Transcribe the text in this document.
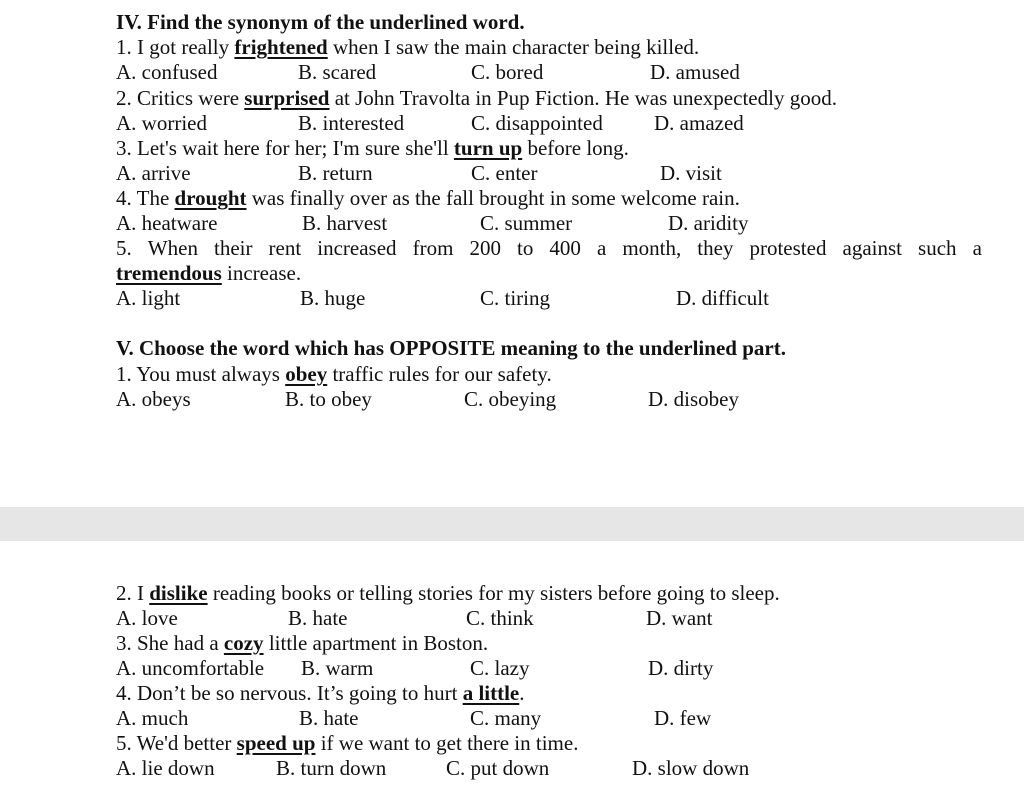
IV. Find the synonym of the underlined word.
1. I got really frightened when I saw the main character being killed.
A. confused	B. scared	C. bored	D. amused
2. Critics were surprised at John Travolta in Pup Fiction. He was unexpectedly good.
A. worried	B. interested	C. disappointed D. amazed
3. Let's wait here for her; I'm sure she'll turn up before long.
A. arrive	B. return	C. enter	D. visit
4. The drought was finally over as the fall brought in some welcome rain.
A. heatware	B. harvest	C. summer	D. aridity
5. When their rent increased from 200 to 400 a month, they protested against such a
tremendous increase.
A. light	B. huge	C. tiring	D. difficult
V. Choose the word which has OPPOSITE meaning to the underlined part.
1. You must always obey traffic rules for our safety.
A. obeys	B. to obey	C. obeying	D. disobey
2. I dislike reading books or telling stories for my sisters before going to sleep.
A. love	B. hate	C. think	D. want
3. She had a cozy little apartment in Boston.
A. uncomfortable B. warm	C. lazy	D. dirty
4. Don’t be so nervous. It’s going to hurt a little.
A. much	B. hate	C. many	D. few
5. We'd better speed up if we want to get there in time.
A. lie down	B. turn down	C. put down	D. slow down
